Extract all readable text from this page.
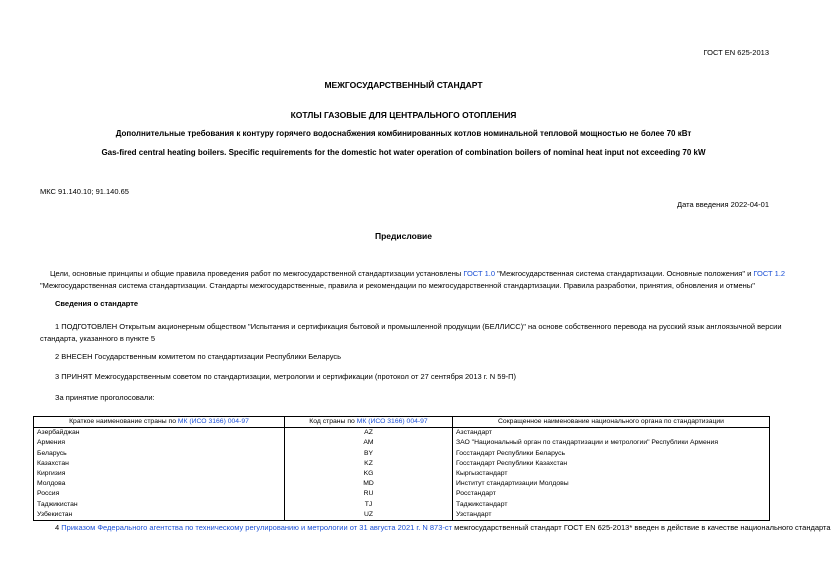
ГОСТ EN 625-2013
МЕЖГОСУДАРСТВЕННЫЙ СТАНДАРТ
КОТЛЫ ГАЗОВЫЕ ДЛЯ ЦЕНТРАЛЬНОГО ОТОПЛЕНИЯ
Дополнительные требования к контуру горячего водоснабжения комбинированных котлов номинальной тепловой мощностью не более 70 кВт
Gas-fired central heating boilers. Specific requirements for the domestic hot water operation of combination boilers of nominal heat input not exceeding 70 kW
МКС 91.140.10; 91.140.65
Дата введения 2022-04-01
Предисловие
Цели, основные принципы и общие правила проведения работ по межгосударственной стандартизации установлены ГОСТ 1.0 "Межгосударственная система стандартизации. Основные положения" и ГОСТ 1.2
"Межгосударственная система стандартизации. Стандарты межгосударственные, правила и рекомендации по межгосударственной стандартизации. Правила разработки, принятия, обновления и отмены"
Сведения о стандарте
1 ПОДГОТОВЛЕН Открытым акционерным обществом "Испытания и сертификация бытовой и промышленной продукции (БЕЛЛИСС)" на основе собственного перевода на русский язык англоязычной версии
стандарта, указанного в пункте 5
2 ВНЕСЕН Государственным комитетом по стандартизации Республики Беларусь
3 ПРИНЯТ Межгосударственным советом по стандартизации, метрологии и сертификации (протокол от 27 сентября 2013 г. N 59-П)
За принятие проголосовали:
Краткое наименование страны по МК (ИСО 3166) 004-97	Код страны по МК (ИСО 3166) 004-97	Сокращенное наименование национального органа по стандартизации
Азербайджан	AZ	Азстандарт
Армения	AM	ЗАО "Национальный орган по стандартизации и метрологии" Республики Армения
Беларусь	BY	Госстандарт Республики Беларусь
Казахстан	KZ	Госстандарт Республики Казахстан
Киргизия	KG	Кыргызстандарт
Молдова	MD	Институт стандартизации Молдовы
Россия	RU	Росстандарт
Таджикистан	TJ	Таджикстандарт
Узбекистан	UZ	Узстандарт
4 Приказом Федерального агентства по техническому регулированию и метрологии от 31 августа 2021 г. N 873-ст межгосударственный стандарт ГОСТ EN 625-2013* введен в действие в качестве национального стандарта
